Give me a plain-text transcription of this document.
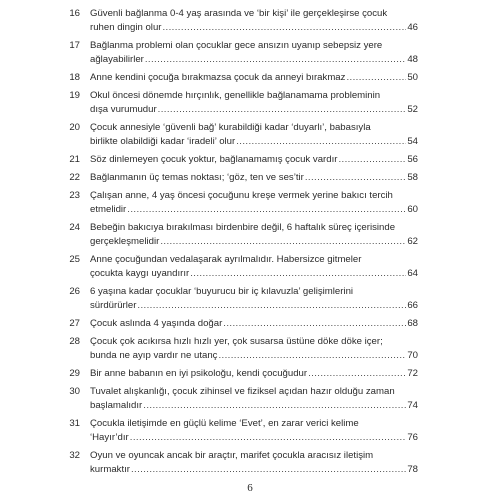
16 Güvenli bağlanma 0-4 yaş arasında ve ‘bir kişi’ ile gerçekleşirse çocuk
ruhen dingin olur .....	46
17 Bağlanma problemi olan çocuklar gece ansızın uyanıp sebepsiz yere
ağlayabilirler .....	48
18 Anne kendini çocuğa bırakmazsa çocuk da anneyi bırakmaz .....	50
19 Okul öncesi dönemde hırçınlık, genellikle bağlanamama probleminin
dışa vurumudur .....	52
20 Çocuk annesiyle ‘güvenli bağ’ kurabildiği kadar ‘duyarlı’, babasıyla
birlikte olabildiği kadar ‘iradeli’ olur .....	54
21 Söz dinlemeyen çocuk yoktur, bağlanamamış çocuk vardır .....	56
22 Bağlanmanın üç temas noktası; ‘göz, ten ve ses’tir .....	58
23 Çalışan anne, 4 yaş öncesi çocuğunu kreşe vermek yerine bakıcı tercih
etmelidir .....	60
24 Bebeğin bakıcıya bırakılması birdenbire değil, 6 haftalık süreç içerisinde
gerçekleşmelidir .....	62
25 Anne çocuğundan vedalaşarak ayrılmalıdır. Habersizce gitmeler
çocukta kaygı uyandırır .....	64
26 6 yaşına kadar çocuklar ‘buyurucu bir iç kılavuzla’ gelişimlerini
sürdürürler .....	66
27 Çocuk aslında 4 yaşında doğar .....	68
28 Çocuk çok acıkırsa hızlı hızlı yer, çok susarsa üstüne döke döke içer;
bunda ne ayıp vardır ne utanç .....	70
29 Bir anne babanın en iyi psikoloğu, kendi çocuğudur .....	72
30 Tuvalet alışkanlığı, çocuk zihinsel ve fiziksel açıdan hazır olduğu zaman
başlamalıdır .....	74
31 Çocukla iletişimde en güçlü kelime ‘Evet’, en zarar verici kelime
‘Hayır’dır .....	76
32 Oyun ve oyuncak ancak bir araçtır, marifet çocukla aracısız iletişim
kurmaktır .....	78
6
